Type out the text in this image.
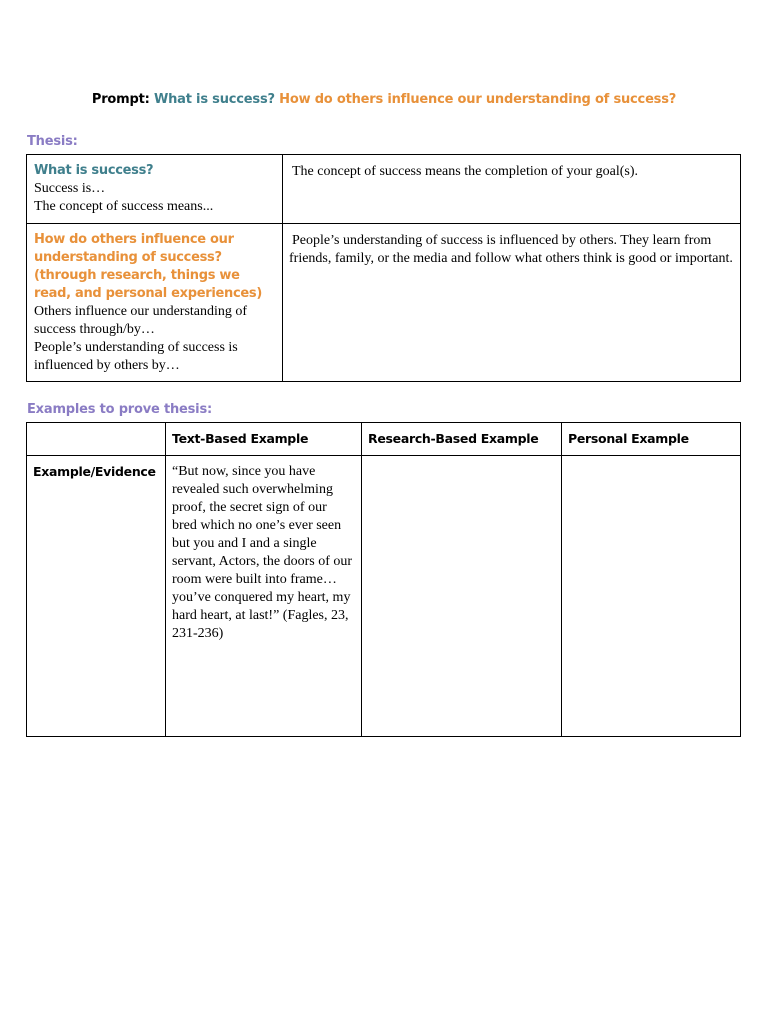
Prompt: What is success? How do others influence our understanding of success?
Thesis:
What is success?
Success is…
The concept of success means...	The concept of success means the completion of your goal(s).

How do others influence our understanding of success? (through research, things we read, and personal experiences)
Others influence our understanding of success through/by…
People’s understanding of success is influenced by others by…	People’s understanding of success is influenced by others. They learn from friends, family, or the media and follow what others think is good or important.
Examples to prove thesis:
	Text-Based Example	Research-Based Example	Personal Example
Example/Evidence	“But now, since you have revealed such overwhelming proof, the secret sign of our bred which no one’s ever seen but you and I and a single servant, Actors, the doors of our room were built into frame… you’ve conquered my heart, my hard heart, at last!” (Fagles, 23, 231-236)		
